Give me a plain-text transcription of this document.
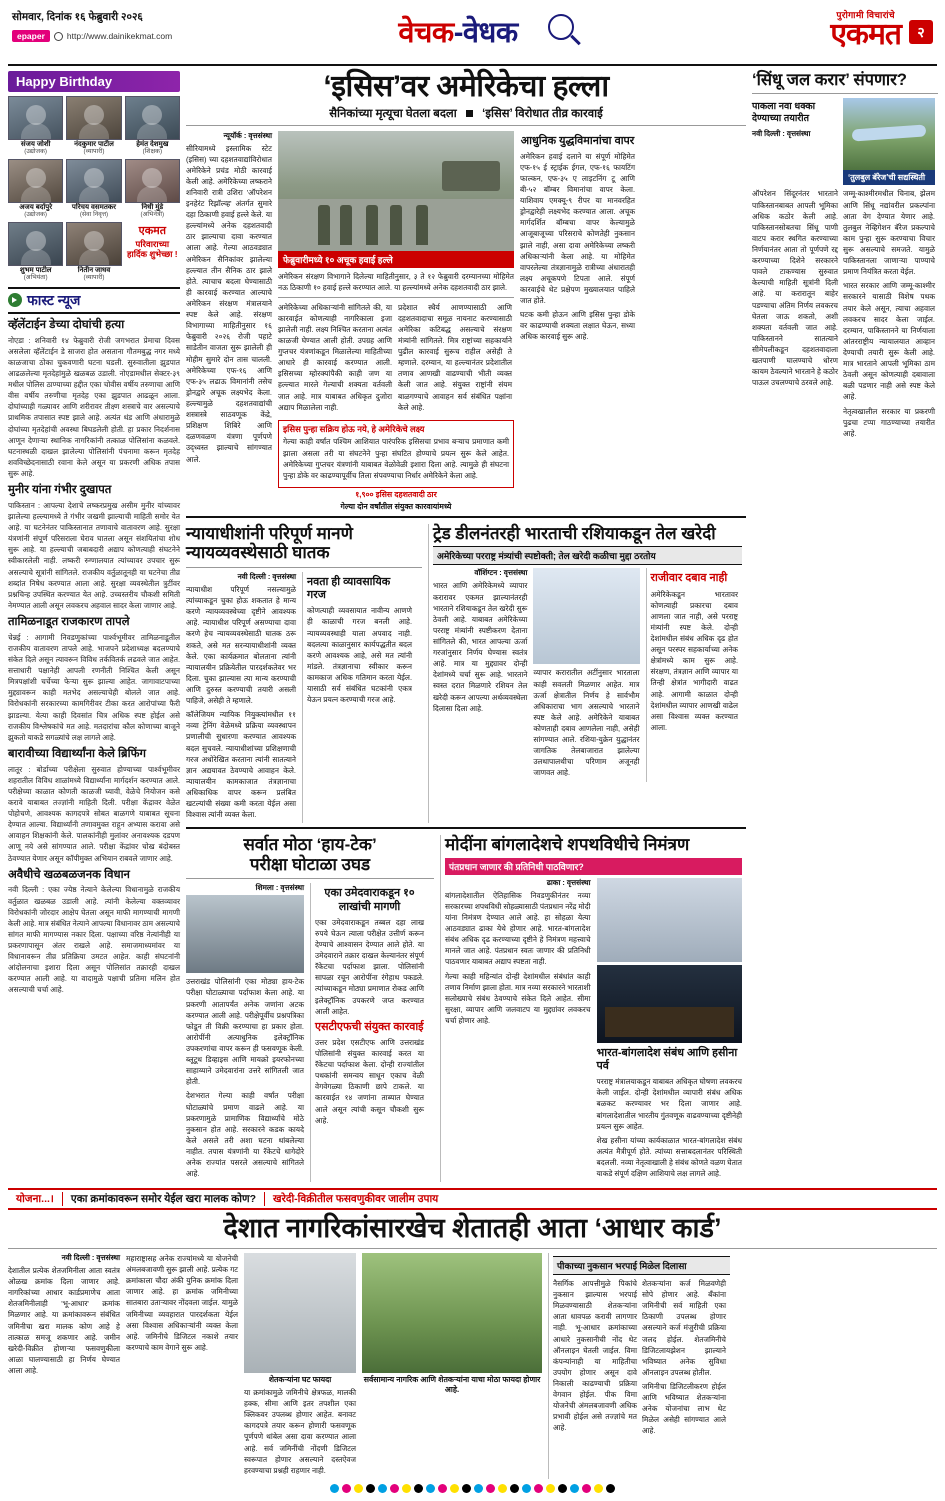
सोमवार, दिनांक १६ फेब्रुवारी २०२६
epaper	http://www.dainikekmat.com	वेचक-वेधक
पुरोगामी विचारांचे
एकमत	२
Happy Birthday
संजय जोशी
(उद्योजक)
नंदकुमार पाटील
(व्यापारी)
हेमंत देशमुख
(शिक्षक)
अजय बर्दापुरे
(उद्योजक)
परिचय वसमतकर
(सेवा निवृत्त)
निधी मुंडे
(अभिनेत्री)
शुभम पाटील
(अभियंता)
नितीन जाधव
(व्यापारी)
एकमत
परिवाराच्या
हार्दिक शुभेच्छा !
फास्ट न्यूज
व्हॅलेंटाईन डेच्या दोघांची हत्या

नोएडा : शनिवारी १४ फेब्रुवारी रोजी जगभरात प्रेमाचा दिवस असलेला व्हॅलेंटाईन डे साजरा होत असताना गौतमबुद्ध नगर मध्ये काळजाचा ठोका चुकवणारी घटना घडली. सुरुवातीला झुडपात आढळलेल्या मृतदेहांमुळे खळबळ उडाली. नोएडामधील सेक्टर-३९ मधील पोलिस ठाण्याच्या हद्दीत एका चोवीस वर्षीय तरुणाचा आणि वीस वर्षीय तरुणीचा मृतदेह एका झुडपात आढळून आला. दोघांच्याही गळ्यावर आणि शरीरावर तीक्ष्ण शस्त्राचे वार असल्याचे प्राथमिक तपासात स्पष्ट झाले आहे. अत्यंत थंड आणि अंधारामुळे दोघांच्या मृतदेहांची अवस्था बिघडलेली होती. हा प्रकार निदर्शनास आणून देणाऱ्या स्थानिक नागरिकांनी तत्काळ पोलिसांना कळवले. घटनास्थळी दाखल झालेल्या पोलिसांनी पंचनामा करून मृतदेह शवविच्छेदनासाठी रवाना केले असून या प्रकरणी अधिक तपास सुरू आहे.

मुनीर यांना गंभीर दुखापत

पाकिस्तान : आपल्या देशाचे लष्करप्रमुख असीम मुनीर यांच्यावर झालेल्या हल्ल्यामध्ये ते गंभीर जखमी झाल्याची माहिती समोर येत आहे. या घटनेनंतर पाकिस्तानात तणावाचे वातावरण आहे. सुरक्षा यंत्रणांनी संपूर्ण परिसराला घेराव घातला असून संशयितांचा शोध सुरू आहे. या हल्ल्याची जबाबदारी अद्याप कोणत्याही संघटनेने स्वीकारलेली नाही. लष्करी रुग्णालयात त्यांच्यावर उपचार सुरू असल्याचे सूत्रांनी सांगितले. राजकीय वर्तुळातूनही या घटनेचा तीव्र शब्दांत निषेध करण्यात आला आहे. सुरक्षा व्यवस्थेतील त्रुटींवर प्रश्नचिन्ह उपस्थित करण्यात येत आहे. उच्चस्तरीय चौकशी समिती नेमण्यात आली असून लवकरच अहवाल सादर केला जाणार आहे.

तामिळनाडूत राजकारण तापले

चेन्नई : आगामी निवडणुकांच्या पार्श्वभूमीवर तामिळनाडूतील राजकीय वातावरण तापले आहे. भाजपने प्रदेशाध्यक्ष बदलण्याचे संकेत दिले असून त्यावरून विविध तर्कवितर्क लढवले जात आहेत. सत्ताधारी पक्षानेही आपली रणनीती निश्चित केली असून मित्रपक्षांशी चर्चेच्या फेऱ्या सुरू झाल्या आहेत. जागावाटपाच्या मुद्द्यावरून काही मतभेद असल्याचेही बोलले जात आहे. विरोधकांनी सरकारच्या कामगिरीवर टीका करत आरोपांच्या फैरी झाडल्या. येत्या काही दिवसांत चित्र अधिक स्पष्ट होईल असे राजकीय विश्लेषकांचे मत आहे. मतदारांचा कौल कोणाच्या बाजूने झुकतो याकडे सगळ्यांचे लक्ष लागले आहे.

बारावीच्या विद्यार्थ्यांना केले ब्रिफिंग

लातूर : बोर्डाच्या परीक्षेला सुरुवात होण्याच्या पार्श्वभूमीवर शहरातील विविध शाळांमध्ये विद्यार्थ्यांना मार्गदर्शन करण्यात आले. परीक्षेच्या काळात कोणती काळजी घ्यावी, वेळेचे नियोजन कसे करावे याबाबत तज्ज्ञांनी माहिती दिली. परीक्षा केंद्रावर वेळेत पोहोचणे, आवश्यक कागदपत्रे सोबत बाळगणे याबाबत सूचना देण्यात आल्या. विद्यार्थ्यांनी तणावमुक्त राहून अभ्यास करावा असे आवाहन शिक्षकांनी केले. पालकांनीही मुलांवर अनावश्यक दडपण आणू नये असे सांगण्यात आले. परीक्षा केंद्रांवर चोख बंदोबस्त ठेवण्यात येणार असून कॉपीमुक्त अभियान राबवले जाणार आहे.

अवैधीचे खळबळजनक विधान

नवी दिल्ली : एका ज्येष्ठ नेत्याने केलेल्या विधानामुळे राजकीय वर्तुळात खळबळ उडाली आहे. त्यांनी केलेल्या वक्तव्यावर विरोधकांनी जोरदार आक्षेप घेतला असून माफी मागण्याची मागणी केली आहे. मात्र संबंधित नेत्याने आपल्या विधानावर ठाम असल्याचे सांगत माफी मागण्यास नकार दिला. पक्षाच्या वरिष्ठ नेत्यांनीही या प्रकरणापासून अंतर राखले आहे. समाजमाध्यमांवर या विधानावरून तीव्र प्रतिक्रिया उमटत आहेत. काही संघटनांनी आंदोलनाचा इशारा दिला असून पोलिसांत तक्रारही दाखल करण्यात आली आहे. या वादामुळे पक्षाची प्रतिमा मलिन होत असल्याची चर्चा आहे.

‘इसिस’वर अमेरिकेचा हल्ला
सैनिकांच्या मृत्यूचा घेतला बदला ‘इसिस’ विरोधात तीव्र कारवाई
न्यूयॉर्क : वृत्तसंस्था

सीरियामध्ये इस्लामिक स्टेट (इसिस) च्या दहशतवाद्यांविरोधात अमेरिकेने प्रचंड मोठी कारवाई केली आहे. अमेरिकेच्या लष्कराने शनिवारी रात्री उशिरा 'ऑपरेशन इनहेरंट रिझॉल्व्ह' अंतर्गत सुमारे दहा ठिकाणी हवाई हल्ले केले. या हल्ल्यांमध्ये अनेक दहशतवादी ठार झाल्याचा दावा करण्यात आला आहे. गेल्या आठवड्यात अमेरिकन सैनिकांवर झालेल्या हल्ल्यात तीन सैनिक ठार झाले होते. त्याचाच बदला घेण्यासाठी ही कारवाई करण्यात आल्याचे अमेरिकन संरक्षण मंत्रालयाने स्पष्ट केले आहे. संरक्षण विभागाच्या माहितीनुसार १६ फेब्रुवारी २०२६ रोजी पहाटे साडेतीन वाजता सुरू झालेली ही मोहीम सुमारे दोन तास चालली. अमेरिकेच्या एफ-१६ आणि एफ-३५ लढाऊ विमानांनी तसेच ड्रोनद्वारे अचूक लक्ष्यभेद केला. हल्ल्यामुळे दहशतवाद्यांची शस्त्रास्त्रे साठवणूक केंद्रे, प्रशिक्षण शिबिरे आणि दळणवळण यंत्रणा पूर्णपणे उद्ध्वस्त झाल्याचे सांगण्यात आले.

फेब्रुवारीमध्ये १० अचूक हवाई हल्ले

अमेरिकन संरक्षण विभागाने दिलेल्या माहितीनुसार, ३ ते १२ फेब्रुवारी दरम्यानच्या मोहिमेत नऊ ठिकाणी १० हवाई हल्ले करण्यात आले. या हल्ल्यांमध्ये अनेक दहशतवादी ठार झाले.

अमेरिकेच्या अधिकाऱ्यांनी सांगितले की, या कारवाईत कोणत्याही नागरिकाला इजा झालेली नाही. लक्ष्य निश्चित करताना अत्यंत काळजी घेण्यात आली होती. उपग्रह आणि गुप्तचर यंत्रणांकडून मिळालेल्या माहितीच्या आधारे ही कारवाई करण्यात आली. इसिसच्या म्होरक्यांपैकी काही जण या हल्ल्यात मारले गेल्याची शक्यता वर्तवली जात आहे. मात्र याबाबत अधिकृत दुजोरा अद्याप मिळालेला नाही.

प्रदेशात स्थैर्य आणण्यासाठी आणि दहशतवादाचा समूळ नायनाट करण्यासाठी अमेरिका कटिबद्ध असल्याचे संरक्षण मंत्र्यांनी सांगितले. मित्र राष्ट्रांच्या सहकार्याने पुढील कारवाई सुरूच राहील असेही ते म्हणाले. दरम्यान, या हल्ल्यानंतर प्रदेशातील तणाव आणखी वाढण्याची भीती व्यक्त केली जात आहे. संयुक्त राष्ट्रांनी संयम बाळगण्याचे आवाहन सर्व संबंधित पक्षांना केले आहे.

इसिस पुन्हा सक्रिय होऊ नये, हे अमेरिकेचे लक्ष्य

गेल्या काही वर्षांत पश्चिम आशियात पारंपरिक इसिसचा प्रभाव बऱ्याच प्रमाणात कमी झाला असला तरी या संघटनेने पुन्हा संघटित होण्याचे प्रयत्न सुरू केले आहेत. अमेरिकेच्या गुप्तचर यंत्रणांनी याबाबत वेळोवेळी इशारा दिला आहे. त्यामुळे ही संघटना पुन्हा डोके वर काढण्यापूर्वीच तिला संपवण्याचा निर्धार अमेरिकेने केला आहे.

१,९०० इसिस दहशतवादी ठार
गेल्या दोन वर्षांतील संयुक्त कारवायांमध्ये
आधुनिक युद्धविमानांचा वापर

अमेरिकन हवाई दलाने या संपूर्ण मोहिमेत एफ-१५ ई स्ट्राईक ईगल, एफ-१६ फायटिंग फाल्कन, एफ-३५ ए लाइटनिंग टू आणि बी-५२ बॉम्बर विमानांचा वापर केला. याशिवाय एमक्यू-९ रीपर या मानवरहित ड्रोनद्वारेही लक्ष्यभेद करण्यात आला. अचूक मार्गदर्शित बॉम्बचा वापर केल्यामुळे आजूबाजूच्या परिसराचे कोणतेही नुकसान झाले नाही, असा दावा अमेरिकेच्या लष्करी अधिकाऱ्यांनी केला आहे. या मोहिमेत वापरलेल्या तंत्रज्ञानामुळे रात्रीच्या अंधारातही लक्ष्य अचूकपणे टिपता आले. संपूर्ण कारवाईचे थेट प्रक्षेपण मुख्यालयात पाहिले जात होते.

घटक कमी होऊन आणि इसिस पुन्हा डोके वर काढण्याची शक्यता लक्षात घेऊन, सध्या अधिक कारवाई सुरू आहे.

न्यायाधीशांनी परिपूर्ण मानणे न्यायव्यवस्थेसाठी घातक
नवी दिल्ली : वृत्तसंस्था

न्यायाधीश परिपूर्ण नसल्यामुळे त्यांच्याकडून चुका होऊ शकतात हे मान्य करणे न्यायव्यवस्थेच्या दृष्टीने आवश्यक आहे. न्यायाधीश परिपूर्ण असण्याचा दावा करणे हेच न्यायव्यवस्थेसाठी घातक ठरू शकते, असे मत सरन्यायाधीशांनी व्यक्त केले. एका कार्यक्रमात बोलताना त्यांनी न्यायालयीन प्रक्रियेतील पारदर्शकतेवर भर दिला. चुका झाल्यास त्या मान्य करण्याची आणि दुरुस्त करण्याची तयारी असली पाहिजे, असेही ते म्हणाले.

कॉलेजियम न्यायिक नियुक्त्यांमधील ११ नव्या ट्रेनिंग वेळेमध्ये प्रक्रिया व्यवस्थापन प्रणालीची सुधारणा करण्यात आवश्यक बदल सुचवले. न्यायाधीशांच्या प्रशिक्षणाची गरज अधोरेखित करताना त्यांनी सातत्याने ज्ञान अद्ययावत ठेवण्याचे आवाहन केले. न्यायालयीन कामकाजात तंत्रज्ञानाचा अधिकाधिक वापर करून प्रलंबित खटल्यांची संख्या कमी करता येईल असा विश्वास त्यांनी व्यक्त केला.

नवता ही व्यावसायिक गरज

कोणत्याही व्यवसायात नावीन्य आणणे ही काळाची गरज बनली आहे. न्यायव्यवस्थाही याला अपवाद नाही. बदलत्या काळानुसार कार्यपद्धतीत बदल करणे आवश्यक आहे, असे मत त्यांनी मांडले. तंत्रज्ञानाचा स्वीकार करून कामकाज अधिक गतिमान करता येईल. यासाठी सर्व संबंधित घटकांनी एकत्र येऊन प्रयत्न करण्याची गरज आहे.

ट्रेड डीलनंतरही भारताची रशियाकडून तेल खरेदी
अमेरिकेच्या परराष्ट्र मंत्र्यांची स्पष्टोक्ती; तेल खरेदी कळीचा मुद्दा ठरतोय
वॉशिंग्टन : वृत्तसंस्था

भारत आणि अमेरिकेमध्ये व्यापार करारावर एकमत झाल्यानंतरही भारताने रशियाकडून तेल खरेदी सुरू ठेवली आहे. याबाबत अमेरिकेच्या परराष्ट्र मंत्र्यांनी स्पष्टीकरण देताना सांगितले की, भारत आपल्या ऊर्जा गरजांनुसार निर्णय घेण्यास स्वतंत्र आहे. मात्र या मुद्द्यावर दोन्ही देशांमध्ये चर्चा सुरू आहे. भारताने स्वस्त दरात मिळणारे रशियन तेल खरेदी करून आपल्या अर्थव्यवस्थेला दिलासा दिला आहे.

व्यापार करारातील अटींनुसार भारताला काही सवलती मिळणार आहेत. मात्र ऊर्जा क्षेत्रातील निर्णय हे सार्वभौम अधिकाराचा भाग असल्याचे भारताने स्पष्ट केले आहे. अमेरिकेने याबाबत कोणताही दबाव आणलेला नाही, असेही सांगण्यात आले. रशिया-युक्रेन युद्धानंतर जागतिक तेलबाजारात झालेल्या उलथापालथीचा परिणाम अजूनही जाणवत आहे.

राजीवार दबाव नाही

अमेरिकेकडून भारतावर कोणत्याही प्रकारचा दबाव आणला जात नाही, असे परराष्ट्र मंत्र्यांनी स्पष्ट केले. दोन्ही देशांमधील संबंध अधिक दृढ होत असून परस्पर सहकार्याच्या अनेक क्षेत्रांमध्ये काम सुरू आहे. संरक्षण, तंत्रज्ञान आणि व्यापार या तिन्ही क्षेत्रांत भागीदारी वाढत आहे. आगामी काळात दोन्ही देशांमधील व्यापार आणखी वाढेल असा विश्वास व्यक्त करण्यात आला.

सर्वात मोठा ‘हाय-टेक’
परीक्षा घोटाळा उघड
शिमला : वृत्तसंस्था

उत्तराखंड पोलिसांनी एका मोठ्या हाय-टेक परीक्षा घोटाळ्याचा पर्दाफाश केला आहे. या प्रकरणी आतापर्यंत अनेक जणांना अटक करण्यात आली आहे. परीक्षेपूर्वीच प्रश्नपत्रिका फोडून ती विक्री करण्याचा हा प्रकार होता. आरोपींनी अत्याधुनिक इलेक्ट्रॉनिक उपकरणांचा वापर करून ही फसवणूक केली. ब्लूटूथ डिव्हाइस आणि मायक्रो इयरफोनच्या साहाय्याने उमेदवारांना उत्तरे सांगितली जात होती.

देशभरात गेल्या काही वर्षांत परीक्षा घोटाळ्यांचे प्रमाण वाढले आहे. या प्रकरणामुळे प्रामाणिक विद्यार्थ्यांचे मोठे नुकसान होत आहे. सरकारने कडक कायदे केले असले तरी अशा घटना थांबलेल्या नाहीत. तपास यंत्रणांनी या रॅकेटचे धागेदोरे अनेक राज्यांत पसरले असल्याचे सांगितले आहे.

एका उमेदवाराकडून १० लाखांची मागणी

एका उमेदवाराकडून तब्बल दहा लाख रुपये घेऊन त्याला परीक्षेत उत्तीर्ण करून देण्याचे आश्वासन देण्यात आले होते. या उमेदवाराने तक्रार दाखल केल्यानंतर संपूर्ण रॅकेटचा पर्दाफाश झाला. पोलिसांनी सापळा रचून आरोपींना रंगेहाथ पकडले. त्यांच्याकडून मोठ्या प्रमाणात रोकड आणि इलेक्ट्रॉनिक उपकरणे जप्त करण्यात आली आहेत.

एसटीएफची संयुक्त कारवाई

उत्तर प्रदेश एसटीएफ आणि उत्तराखंड पोलिसांनी संयुक्त कारवाई करत या रॅकेटचा पर्दाफाश केला. दोन्ही राज्यांतील पथकांनी समन्वय साधून एकाच वेळी वेगवेगळ्या ठिकाणी छापे टाकले. या कारवाईत १४ जणांना ताब्यात घेण्यात आले असून त्यांची कसून चौकशी सुरू आहे.

मोदींना बांगलादेशचे शपथविधीचे निमंत्रण
पंतप्रधान जाणार की प्रतिनिधी पाठविणार?
ढाका : वृत्तसंस्था

बांगलादेशातील ऐतिहासिक निवडणुकीनंतर नव्या सरकारच्या शपथविधी सोहळ्यासाठी पंतप्रधान नरेंद्र मोदी यांना निमंत्रण देण्यात आले आहे. हा सोहळा येत्या आठवड्यात ढाका येथे होणार आहे. भारत-बांगलादेश संबंध अधिक दृढ करण्याच्या दृष्टीने हे निमंत्रण महत्त्वाचे मानले जात आहे. पंतप्रधान स्वतः जाणार की प्रतिनिधी पाठवणार याबाबत अद्याप स्पष्टता नाही.

गेल्या काही महिन्यांत दोन्ही देशांमधील संबंधांत काही तणाव निर्माण झाला होता. मात्र नव्या सरकारने भारताशी सलोख्याचे संबंध ठेवण्याचे संकेत दिले आहेत. सीमा सुरक्षा, व्यापार आणि जलवाटप या मुद्द्यांवर लवकरच चर्चा होणार आहे.

भारत-बांगलादेश संबंध आणि हसीना पर्व

परराष्ट्र मंत्रालयाकडून याबाबत अधिकृत घोषणा लवकरच केली जाईल. दोन्ही देशांमधील व्यापारी संबंध अधिक बळकट करण्यावर भर दिला जाणार आहे. बांगलादेशातील भारतीय गुंतवणूक वाढवण्याच्या दृष्टीनेही प्रयत्न सुरू आहेत.

शेख हसीना यांच्या कार्यकाळात भारत-बांगलादेश संबंध अत्यंत मैत्रीपूर्ण होते. त्यांच्या सत्ताबदलानंतर परिस्थिती बदलली. नव्या नेतृत्वाखाली हे संबंध कोणते वळण घेतात याकडे संपूर्ण दक्षिण आशियाचे लक्ष लागले आहे.

‘सिंधू जल करार’ संपणार?
पाकला नवा धक्का देण्याच्या तयारीत
नवी दिल्ली : वृत्तसंस्था
‘तुलबुल बॅरेज’ची सद्यस्थिती

ऑपरेशन सिंदूरनंतर भारताने पाकिस्तानबाबत आपली भूमिका अधिक कठोर केली आहे. पाकिस्तानसोबतचा सिंधू पाणी वाटप करार स्थगित करण्याच्या निर्णयानंतर आता तो पूर्णपणे रद्द करण्याच्या दिशेने सरकारने पावले टाकण्यास सुरुवात केल्याची माहिती सूत्रांनी दिली आहे. या करारातून बाहेर पडण्याचा अंतिम निर्णय लवकरच घेतला जाऊ शकतो, अशी शक्यता वर्तवली जात आहे. पाकिस्तानने सातत्याने सीमेपलीकडून दहशतवादाला खतपाणी घालण्याचे धोरण कायम ठेवल्याने भारताने हे कठोर पाऊल उचलण्याचे ठरवले आहे.

जम्मू-काश्मीरमधील चिनाब, झेलम आणि सिंधू नद्यांवरील प्रकल्पांना आता वेग देण्यात येणार आहे. तुलबुल नेव्हिगेशन बॅरेज प्रकल्पाचे काम पुन्हा सुरू करण्याचा विचार सुरू असल्याचे समजते. यामुळे पाकिस्तानला जाणाऱ्या पाण्याचे प्रमाण नियंत्रित करता येईल.

भारत सरकार आणि जम्मू-काश्मीर सरकारने यासाठी विशेष पथक तयार केले असून, त्याचा अहवाल लवकरच सादर केला जाईल. दरम्यान, पाकिस्तानने या निर्णयाला आंतरराष्ट्रीय न्यायालयात आव्हान देण्याची तयारी सुरू केली आहे. मात्र भारताने आपली भूमिका ठाम ठेवली असून कोणत्याही दबावाला बळी पडणार नाही असे स्पष्ट केले आहे.

नेतृत्वखालील सरकार या प्रकरणी पुढचा टप्पा गाठण्याच्या तयारीत आहे.

योजना...।	एका क्रमांकावरून समोर येईल खरा मालक कोण?	खरेदी-विक्रीतील फसवणुकीवर जालीम उपाय
देशात नागरिकांसारखेच शेतातही आता ‘आधार कार्ड’
नवी दिल्ली : वृत्तसंस्था

देशातील प्रत्येक शेतजमिनीला आता स्वतंत्र ओळख क्रमांक दिला जाणार आहे. नागरिकांच्या आधार कार्डप्रमाणेच आता शेतजमिनीलाही 'भू-आधार' क्रमांक मिळणार आहे. या क्रमांकावरून संबंधित जमिनीचा खरा मालक कोण आहे हे तात्काळ समजू शकणार आहे. जमीन खरेदी-विक्रीत होणाऱ्या फसवणुकीला आळा घालण्यासाठी हा निर्णय घेण्यात आला आहे.

महाराष्ट्रासह अनेक राज्यांमध्ये या योजनेची अंमलबजावणी सुरू झाली आहे. प्रत्येक गट क्रमांकाला चौदा अंकी युनिक क्रमांक दिला जाणार आहे. हा क्रमांक जमिनीच्या सातबारा उताऱ्यावर नोंदवला जाईल. यामुळे जमिनीच्या व्यवहारात पारदर्शकता येईल असा विश्वास अधिकाऱ्यांनी व्यक्त केला आहे. जमिनीचे डिजिटल नकाशे तयार करण्याचे काम वेगाने सुरू आहे.

शेतकऱ्यांना घट फायदा

या क्रमांकामुळे जमिनीचे क्षेत्रफळ, मालकी हक्क, सीमा आणि इतर तपशील एका क्लिकवर उपलब्ध होणार आहेत. बनावट कागदपत्रे तयार करून होणारी फसवणूक पूर्णपणे थांबेल असा दावा करण्यात आला आहे. सर्व जमिनींची नोंदणी डिजिटल स्वरूपात होणार असल्याने दस्तऐवज हरवण्याचा प्रश्नही राहणार नाही.

सर्वसामान्य नागरिक आणि शेतकऱ्यांना याचा मोठा फायदा होणार आहे.
पीकाच्या नुकसान भरपाई मिळेल दिलासा

नैसर्गिक आपत्तीमुळे पिकांचे नुकसान झाल्यास भरपाई मिळवण्यासाठी शेतकऱ्यांना आता धावपळ करावी लागणार नाही. भू-आधार क्रमांकाच्या आधारे नुकसानीची नोंद थेट ऑनलाइन घेतली जाईल. विमा कंपन्यांनाही या माहितीचा उपयोग होणार असून दावे निकाली काढण्याची प्रक्रिया वेगवान होईल. पीक विमा योजनेची अंमलबजावणी अधिक प्रभावी होईल असे तज्ज्ञांचे मत आहे.

शेतकऱ्यांना कर्ज मिळवणेही सोपे होणार आहे. बँकांना जमिनीची सर्व माहिती एका ठिकाणी उपलब्ध होणार असल्याने कर्ज मंजुरीची प्रक्रिया जलद होईल. शेतजमिनीचे डिजिटलायझेशन झाल्याने भविष्यात अनेक सुविधा ऑनलाइन उपलब्ध होतील.

जमिनीचा डिजिटलीकरण होईल आणि भविष्यात शेतकऱ्यांना अनेक योजनांचा लाभ थेट मिळेल असेही सांगण्यात आले आहे.
